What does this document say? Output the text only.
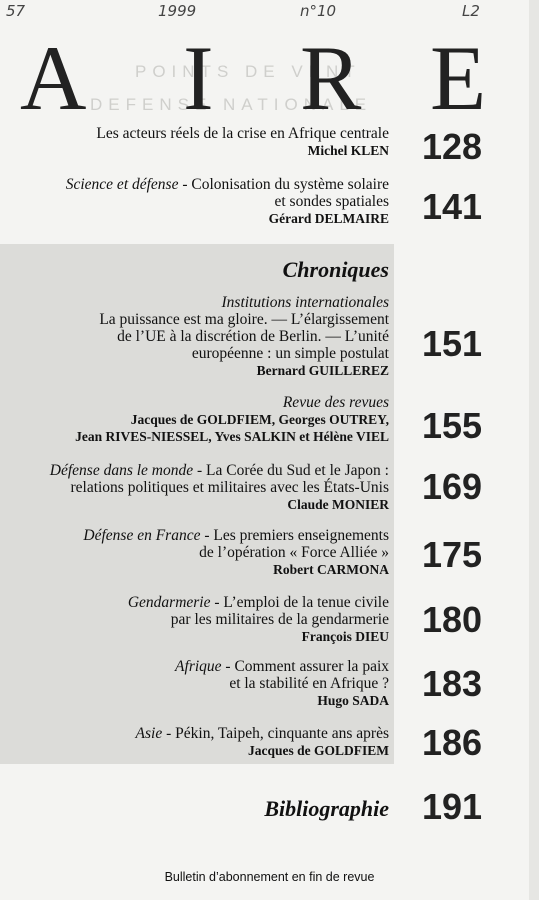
57	1999	n°10	L2
POINTS DE VENT
DEFENSE NATIONALE
A I R E
Les acteurs réels de la crise en Afrique centrale
Michel KLEN 128
Science et défense - Colonisation du système solaire
et sondes spatiales
Gérard DELMAIRE 141
Chroniques
Institutions internationales
La puissance est ma gloire. — L’élargissement
de l’UE à la discrétion de Berlin. — L’unité
européenne : un simple postulat
Bernard GUILLEREZ
151
Revue des revues
Jacques de GOLDFIEM, Georges OUTREY,
Jean RIVES-NIESSEL, Yves SALKIN et Hélène VIEL 155
Défense dans le monde - La Corée du Sud et le Japon :
relations politiques et militaires avec les États-Unis
Claude MONIER 169
Défense en France - Les premiers enseignements
de l’opération « Force Alliée »
Robert CARMONA 175
Gendarmerie - L’emploi de la tenue civile
par les militaires de la gendarmerie
François DIEU 180
Afrique - Comment assurer la paix
et la stabilité en Afrique ?
Hugo SADA 183
Asie - Pékin, Taipeh, cinquante ans après
Jacques de GOLDFIEM 186
Bibliographie 191
Bulletin d’abonnement en fin de revue
